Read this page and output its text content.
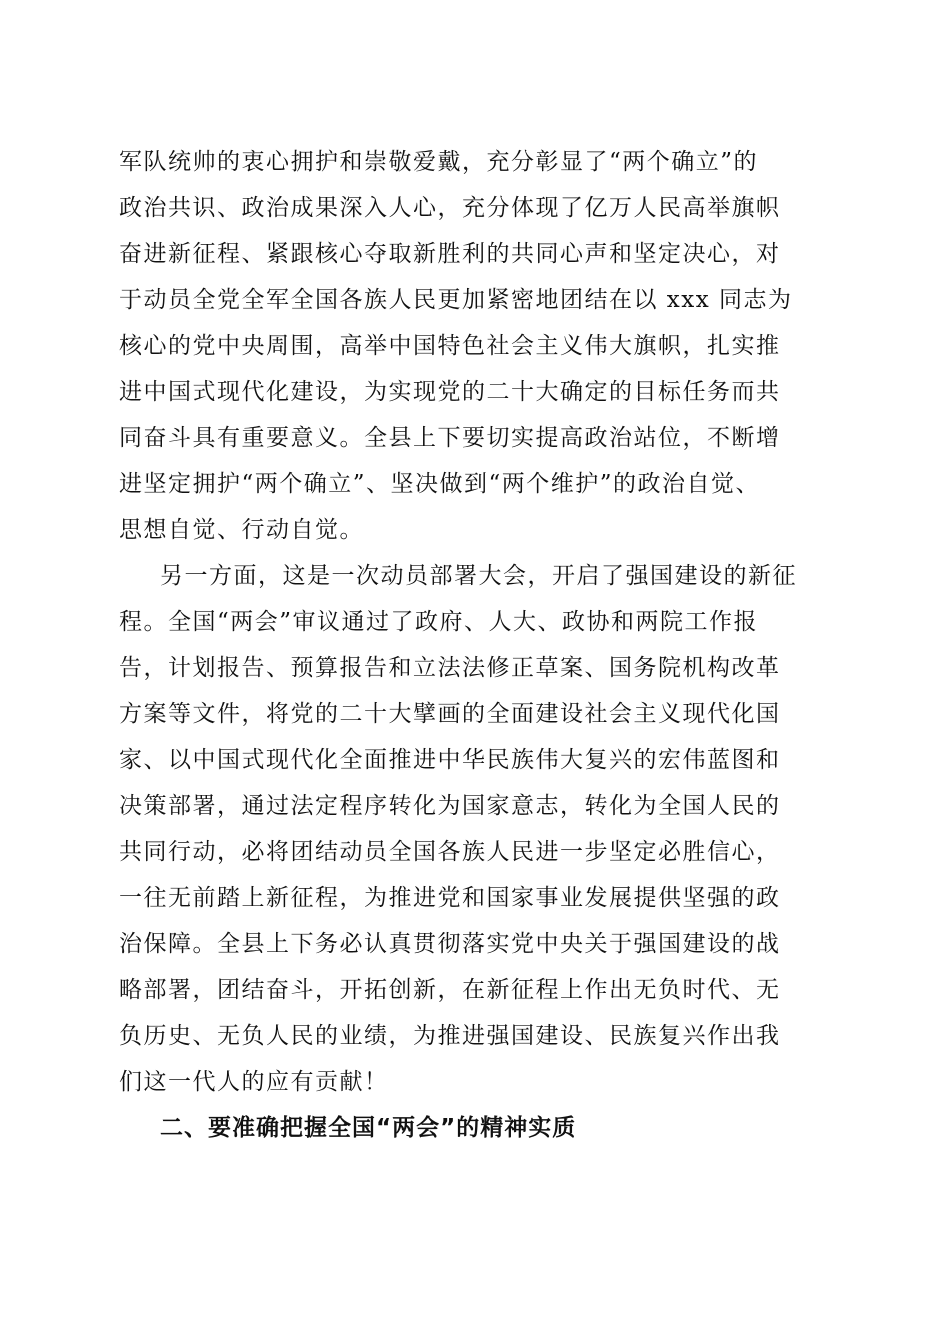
军队统帅的衷心拥护和崇敬爱戴，充分彰显了“两个确立”的

政治共识、政治成果深入人心，充分体现了亿万人民高举旗帜

奋进新征程、紧跟核心夺取新胜利的共同心声和坚定决心，对

于动员全党全军全国各族人民更加紧密地团结在以 xxx 同志为

核心的党中央周围，高举中国特色社会主义伟大旗帜，扎实推

进中国式现代化建设，为实现党的二十大确定的目标任务而共

同奋斗具有重要意义。全县上下要切实提高政治站位，不断增

进坚定拥护“两个确立”、坚决做到“两个维护”的政治自觉、

思想自觉、行动自觉。

另一方面，这是一次动员部署大会，开启了强国建设的新征

程。全国“两会”审议通过了政府、人大、政协和两院工作报

告，计划报告、预算报告和立法法修正草案、国务院机构改革

方案等文件，将党的二十大擘画的全面建设社会主义现代化国

家、以中国式现代化全面推进中华民族伟大复兴的宏伟蓝图和

决策部署，通过法定程序转化为国家意志，转化为全国人民的

共同行动，必将团结动员全国各族人民进一步坚定必胜信心，

一往无前踏上新征程，为推进党和国家事业发展提供坚强的政

治保障。全县上下务必认真贯彻落实党中央关于强国建设的战

略部署，团结奋斗，开拓创新，在新征程上作出无负时代、无

负历史、无负人民的业绩，为推进强国建设、民族复兴作出我

们这一代人的应有贡献！

二、要准确把握全国“两会”的精神实质
